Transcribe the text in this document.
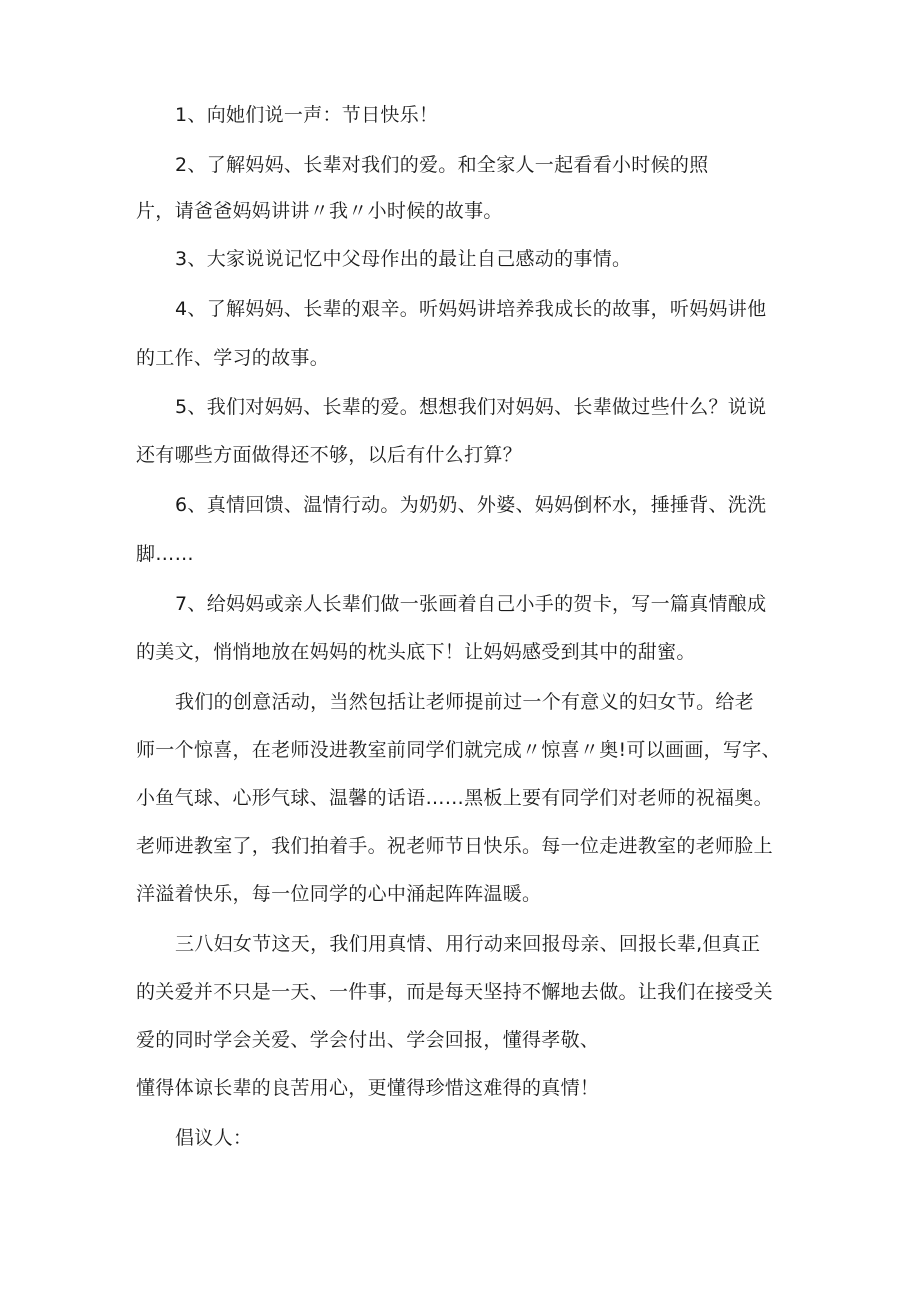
1、向她们说一声：节日快乐！
2、了解妈妈、长辈对我们的爱。和全家人一起看看小时候的照
片，请爸爸妈妈讲讲〃我〃小时候的故事。
3、大家说说记忆中父母作出的最让自己感动的事情。
4、了解妈妈、长辈的艰辛。听妈妈讲培养我成长的故事，听妈妈讲他
的工作、学习的故事。
5、我们对妈妈、长辈的爱。想想我们对妈妈、长辈做过些什么？说说
还有哪些方面做得还不够，以后有什么打算？
6、真情回馈、温情行动。为奶奶、外婆、妈妈倒杯水，捶捶背、洗洗
脚……
7、给妈妈或亲人长辈们做一张画着自己小手的贺卡，写一篇真情酿成
的美文，悄悄地放在妈妈的枕头底下！让妈妈感受到其中的甜蜜。
我们的创意活动，当然包括让老师提前过一个有意义的妇女节。给老
师一个惊喜，在老师没进教室前同学们就完成〃惊喜〃奥!可以画画，写字、
小鱼气球、心形气球、温馨的话语……黑板上要有同学们对老师的祝福奥。
老师进教室了，我们拍着手。祝老师节日快乐。每一位走进教室的老师脸上
洋溢着快乐，每一位同学的心中涌起阵阵温暖。
三八妇女节这天，我们用真情、用行动来回报母亲、回报长辈,但真正
的关爱并不只是一天、一件事，而是每天坚持不懈地去做。让我们在接受关
爱的同时学会关爱、学会付出、学会回报，懂得孝敬、
懂得体谅长辈的良苦用心，更懂得珍惜这难得的真情！
倡议人：
